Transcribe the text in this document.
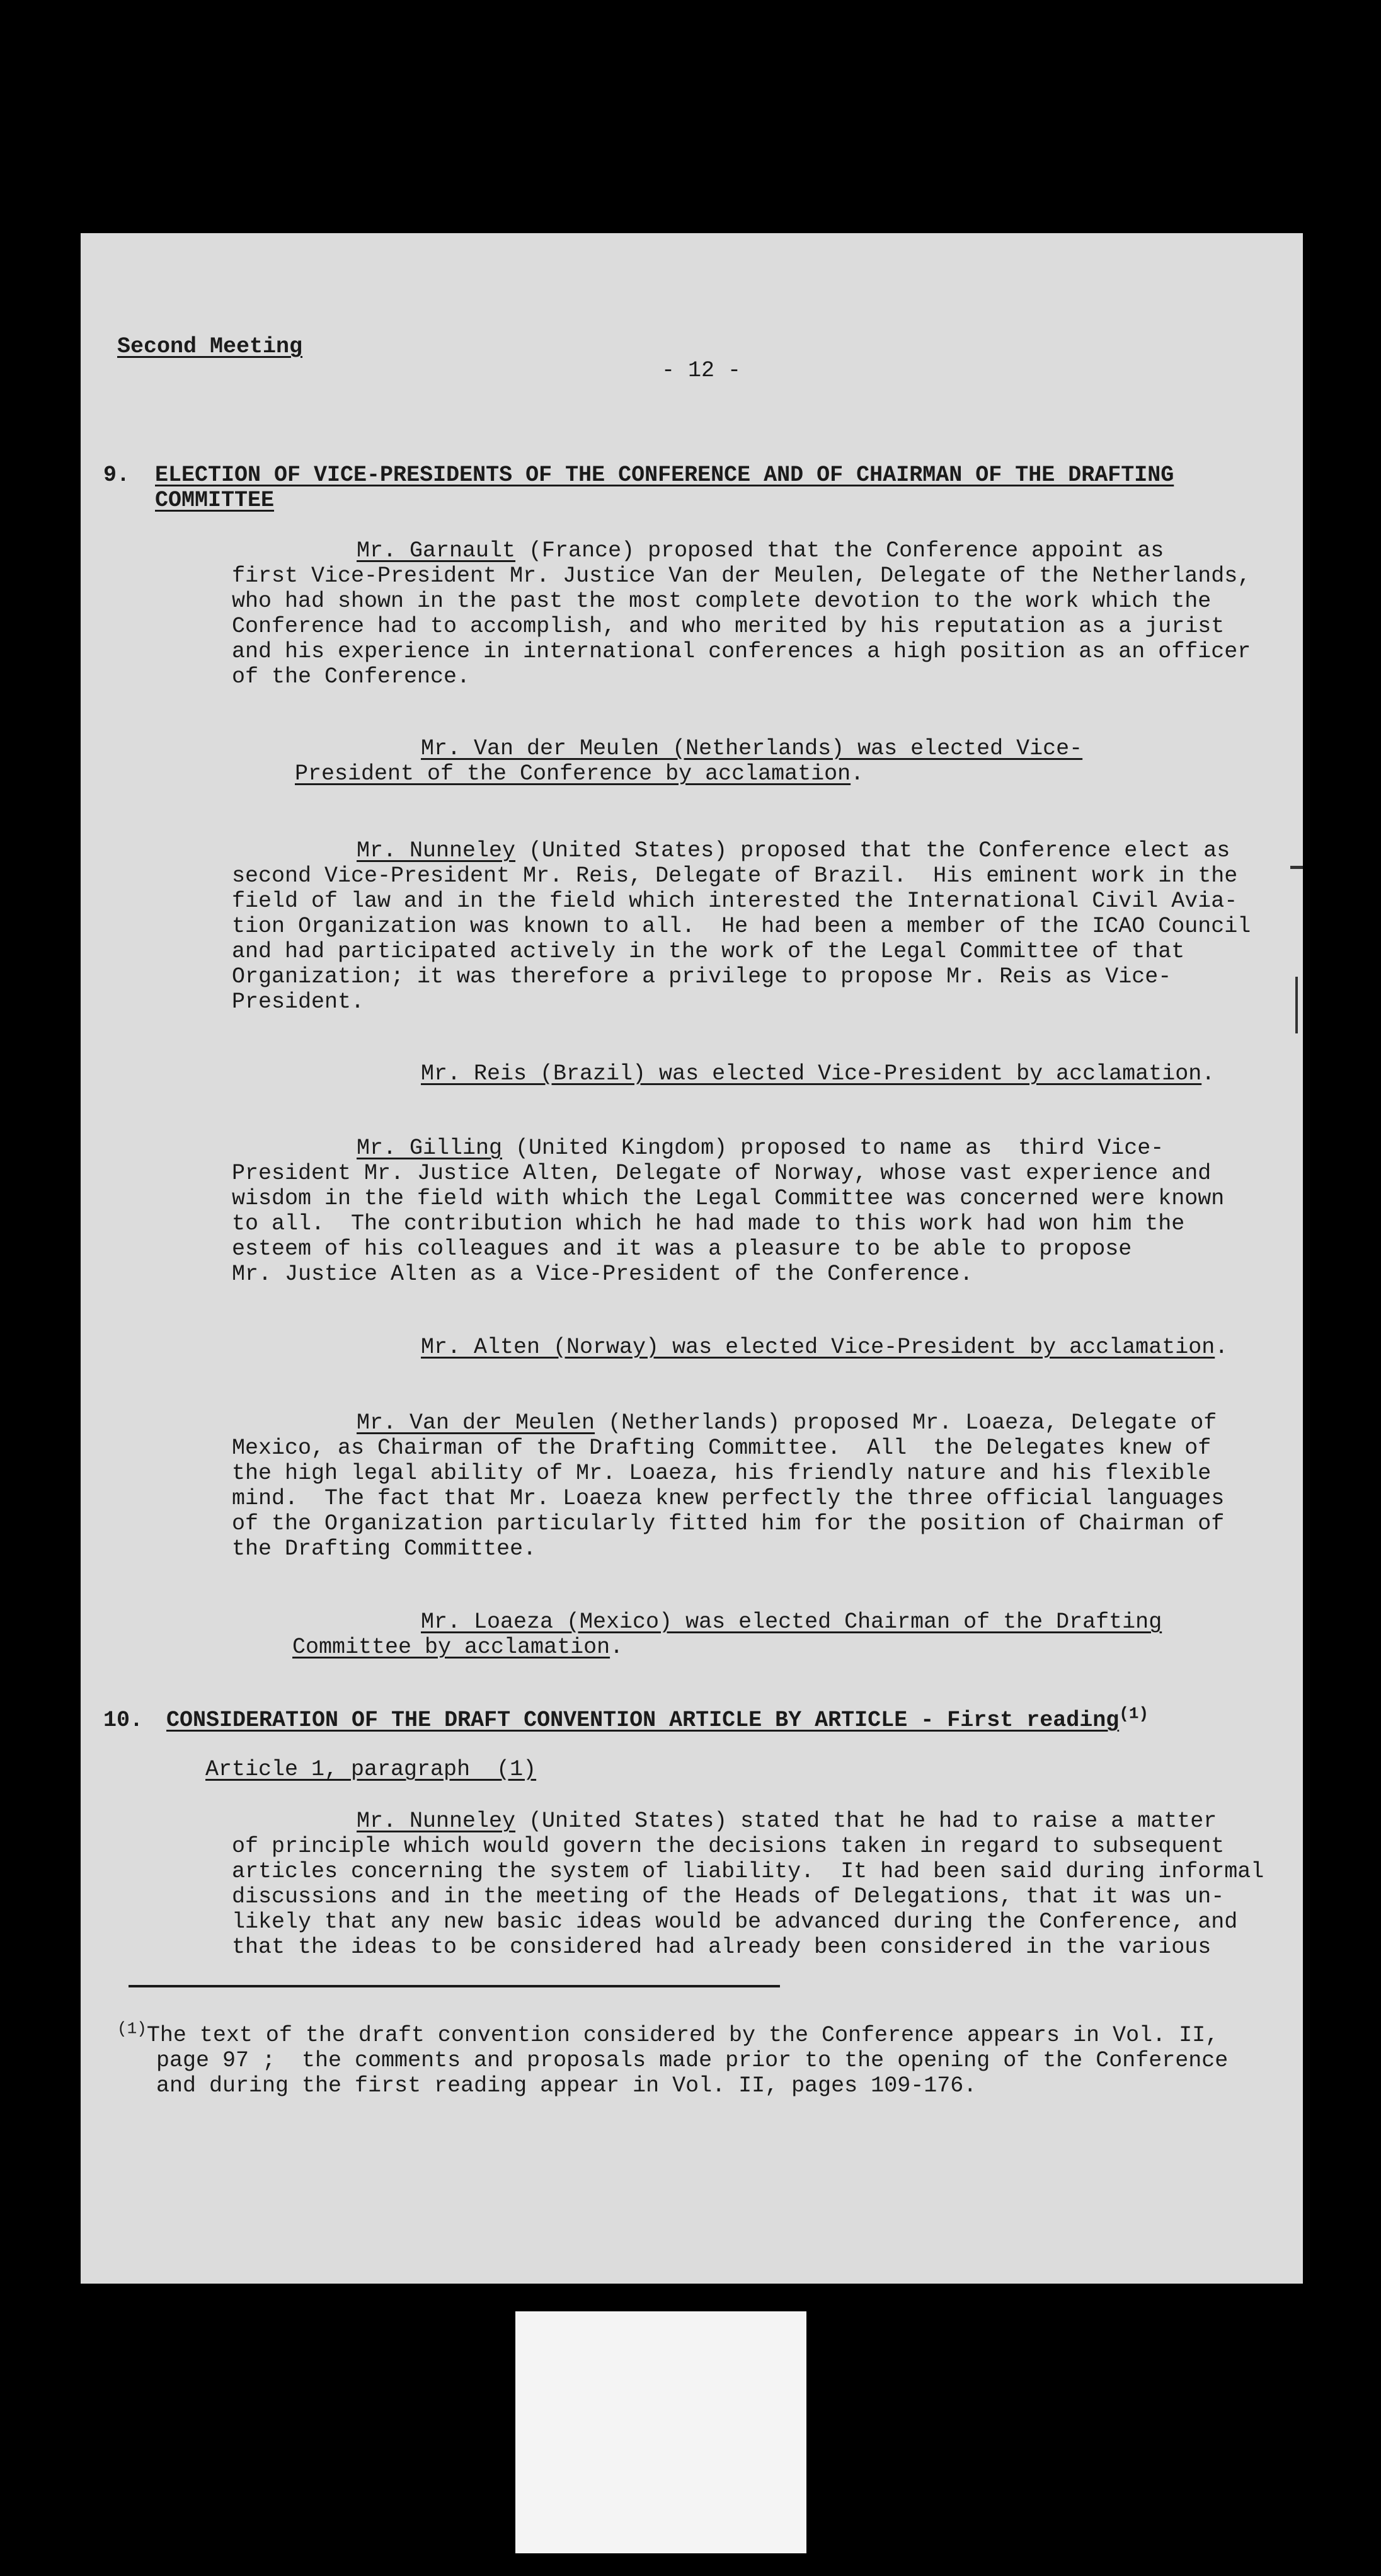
Second Meeting
- 12 -
9. ELECTION OF VICE-PRESIDENTS OF THE CONFERENCE AND OF CHAIRMAN OF THE DRAFTING
COMMITTEE
Mr. Garnault (France) proposed that the Conference appoint as
first Vice-President Mr. Justice Van der Meulen, Delegate of the Netherlands,
who had shown in the past the most complete devotion to the work which the
Conference had to accomplish, and who merited by his reputation as a jurist
and his experience in international conferences a high position as an officer
of the Conference.
Mr. Van der Meulen (Netherlands) was elected Vice-
President of the Conference by acclamation.
Mr. Nunneley (United States) proposed that the Conference elect as
second Vice-President Mr. Reis, Delegate of Brazil.  His eminent work in the
field of law and in the field which interested the International Civil Avia-
tion Organization was known to all.  He had been a member of the ICAO Council
and had participated actively in the work of the Legal Committee of that
Organization; it was therefore a privilege to propose Mr. Reis as Vice-
President.
Mr. Reis (Brazil) was elected Vice-President by acclamation.
Mr. Gilling (United Kingdom) proposed to name as  third Vice-
President Mr. Justice Alten, Delegate of Norway, whose vast experience and
wisdom in the field with which the Legal Committee was concerned were known
to all.  The contribution which he had made to this work had won him the
esteem of his colleagues and it was a pleasure to be able to propose
Mr. Justice Alten as a Vice-President of the Conference.
Mr. Alten (Norway) was elected Vice-President by acclamation.
Mr. Van der Meulen (Netherlands) proposed Mr. Loaeza, Delegate of
Mexico, as Chairman of the Drafting Committee.  All  the Delegates knew of
the high legal ability of Mr. Loaeza, his friendly nature and his flexible
mind.  The fact that Mr. Loaeza knew perfectly the three official languages
of the Organization particularly fitted him for the position of Chairman of
the Drafting Committee.
Mr. Loaeza (Mexico) was elected Chairman of the Drafting
Committee by acclamation.
10. CONSIDERATION OF THE DRAFT CONVENTION ARTICLE BY ARTICLE - First reading$^{(1)}$
Article 1, paragraph  (1)
Mr. Nunneley (United States) stated that he had to raise a matter
of principle which would govern the decisions taken in regard to subsequent
articles concerning the system of liability.  It had been said during informal
discussions and in the meeting of the Heads of Delegations, that it was un-
likely that any new basic ideas would be advanced during the Conference, and
that the ideas to be considered had already been considered in the various
$^{(1)}$The text of the draft convention considered by the Conference appears in Vol. II,
page 97 ;  the comments and proposals made prior to the opening of the Conference
and during the first reading appear in Vol. II, pages 109-176.
